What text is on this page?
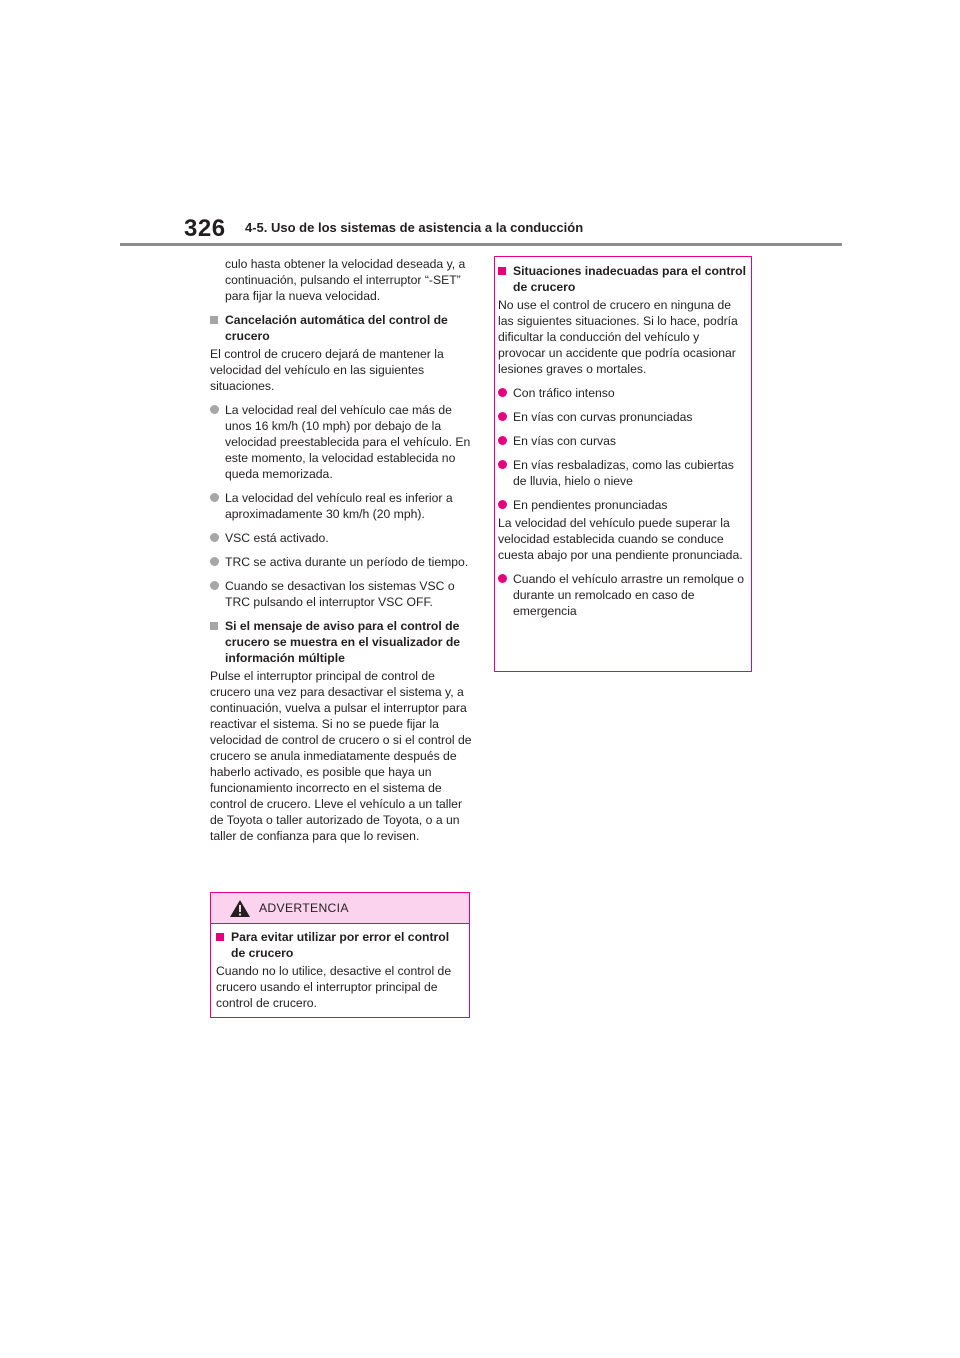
326 4-5. Uso de los sistemas de asistencia a la conducción

culo hasta obtener la velocidad deseada y, a continuación, pulsando el interruptor “-SET” para fijar la nueva velocidad.

Cancelación automática del control de crucero

El control de crucero dejará de mantener la velocidad del vehículo en las siguientes situaciones.

La velocidad real del vehículo cae más de unos 16 km/h (10 mph) por debajo de la velocidad preestablecida para el vehículo. En este momento, la velocidad establecida no queda memorizada.
La velocidad del vehículo real es inferior a aproximadamente 30 km/h (20 mph).
VSC está activado.
TRC se activa durante un período de tiempo.
Cuando se desactivan los sistemas VSC o TRC pulsando el interruptor VSC OFF.
Si el mensaje de aviso para el control de crucero se muestra en el visualizador de información múltiple

Pulse el interruptor principal de control de crucero una vez para desactivar el sistema y, a continuación, vuelva a pulsar el interruptor para reactivar el sistema. Si no se puede fijar la velocidad de control de crucero o si el control de crucero se anula inmediatamente después de haberlo activado, es posible que haya un funcionamiento incorrecto en el sistema de control de crucero. Lleve el vehículo a un taller de Toyota o taller autorizado de Toyota, o a un taller de confianza para que lo revisen.

ADVERTENCIA
Para evitar utilizar por error el control de crucero

Cuando no lo utilice, desactive el control de crucero usando el interruptor principal de control de crucero.

Situaciones inadecuadas para el control de crucero

No use el control de crucero en ninguna de las siguientes situaciones. Si lo hace, podría dificultar la conducción del vehículo y provocar un accidente que podría ocasionar lesiones graves o mortales.

Con tráfico intenso
En vías con curvas pronunciadas
En vías con curvas
En vías resbaladizas, como las cubiertas de lluvia, hielo o nieve
En pendientes pronunciadas

La velocidad del vehículo puede superar la velocidad establecida cuando se conduce cuesta abajo por una pendiente pronunciada.

Cuando el vehículo arrastre un remolque o durante un remolcado en caso de emergencia
